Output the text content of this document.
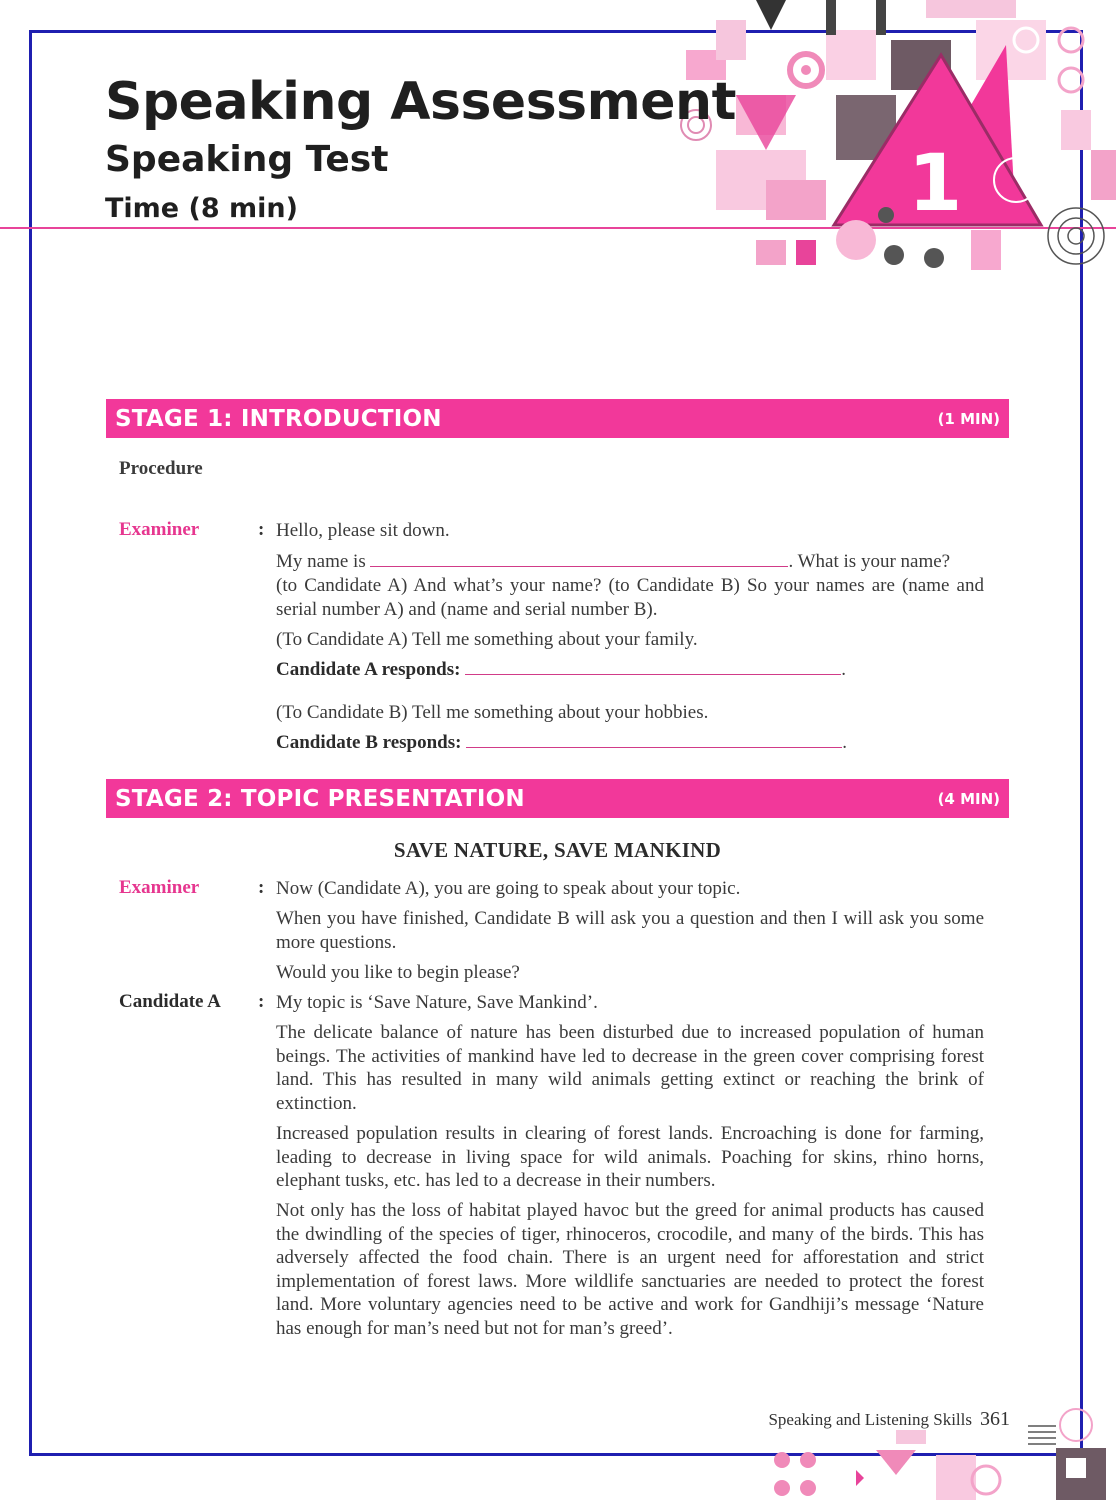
1
Speaking Assessment
Speaking Test
Time (8 min)
STAGE 1: INTRODUCTION	(1 MIN)
Procedure
Examiner	: Hello, please sit down.

My name is	. What is your name?

(to Candidate A) And what’s your name? (to Candidate B) So your names are (name and serial number A) and (name and serial number B).

(To Candidate A) Tell me something about your family.

Candidate A responds:	.

(To Candidate B) Tell me something about your hobbies.

Candidate B responds:	.

STAGE 2: TOPIC PRESENTATION	(4 MIN)

SAVE NATURE, SAVE MANKIND

Examiner	: Now (Candidate A), you are going to speak about your topic.

When you have finished, Candidate B will ask you a question and then I will ask you some more questions.

Would you like to begin please?

Candidate A : My topic is ‘Save Nature, Save Mankind’.

The delicate balance of nature has been disturbed due to increased population of human beings. The activities of mankind have led to decrease in the green cover comprising forest land. This has resulted in many wild animals getting extinct or reaching the brink of extinction.

Increased population results in clearing of forest lands. Encroaching is done for farming, leading to decrease in living space for wild animals. Poaching for skins, rhino horns, elephant tusks, etc. has led to a decrease in their numbers.

Not only has the loss of habitat played havoc but the greed for animal products has caused the dwindling of the species of tiger, rhinoceros, crocodile, and many of the birds. This has adversely affected the food chain. There is an urgent need for afforestation and strict implementation of forest laws. More wildlife sanctuaries are needed to protect the forest land. More voluntary agencies need to be active and work for Gandhiji’s message ‘Nature has enough for man’s need but not for man’s greed’.

Speaking and Listening Skills 361
